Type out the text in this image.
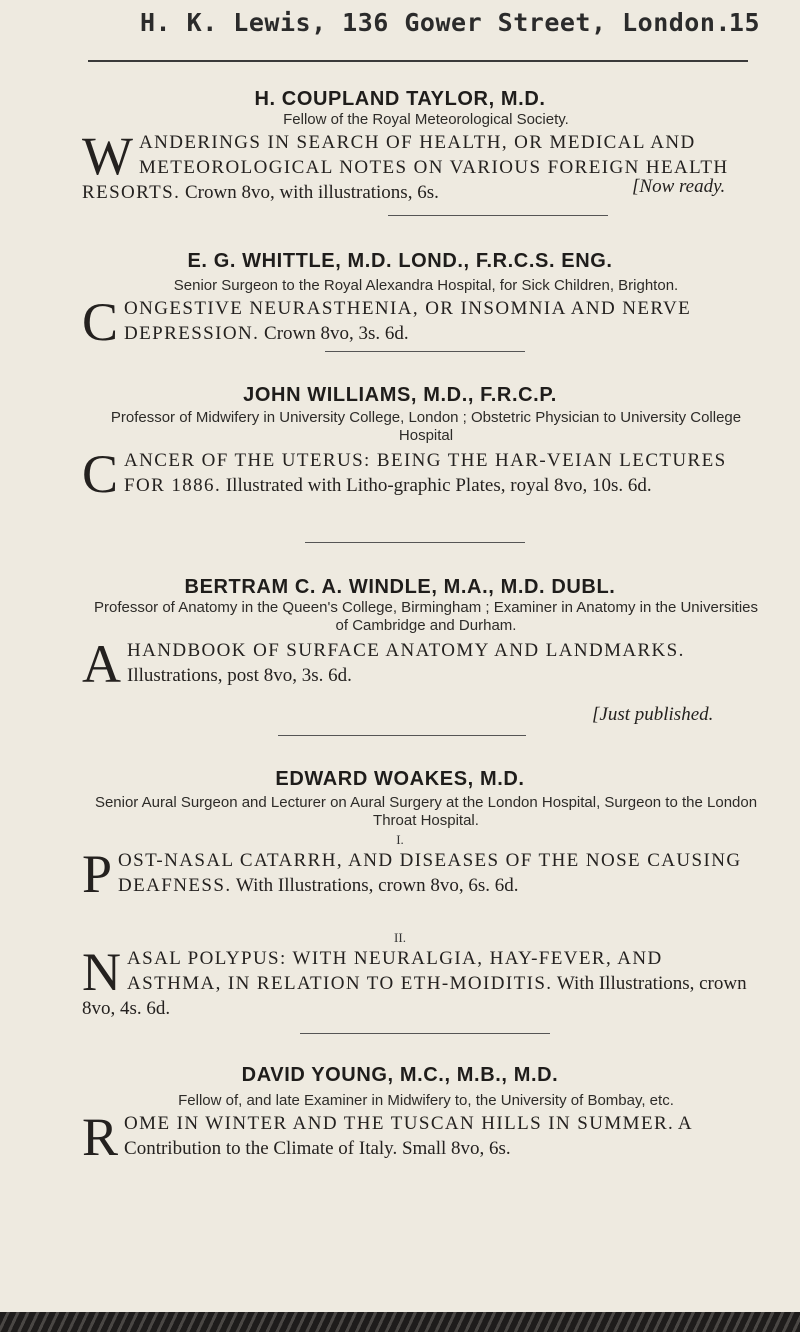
H. K. Lewis, 136 Gower Street, London.
15
H. COUPLAND TAYLOR, M.D.
Fellow of the Royal Meteorological Society.
WANDERINGS IN SEARCH OF HEALTH, OR MEDICAL AND METEOROLOGICAL NOTES ON VARIOUS FOREIGN HEALTH RESORTS. Crown 8vo, with illustrations, 6s.	[Now ready.
E. G. WHITTLE, M.D. LOND., F.R.C.S. ENG.
Senior Surgeon to the Royal Alexandra Hospital, for Sick Children, Brighton.
CONGESTIVE NEURASTHENIA, OR INSOMNIA AND NERVE DEPRESSION. Crown 8vo, 3s. 6d.
JOHN WILLIAMS, M.D., F.R.C.P.
Professor of Midwifery in University College, London ; Obstetric Physician to University College Hospital
CANCER OF THE UTERUS: BEING THE HAR-VEIAN LECTURES FOR 1886. Illustrated with Litho-graphic Plates, royal 8vo, 10s. 6d.
BERTRAM C. A. WINDLE, M.A., M.D. DUBL.
Professor of Anatomy in the Queen's College, Birmingham ; Examiner in Anatomy in the Universities of Cambridge and Durham.
AHANDBOOK OF SURFACE ANATOMY AND LANDMARKS. Illustrations, post 8vo, 3s. 6d.
[Just published.
EDWARD WOAKES, M.D.
Senior Aural Surgeon and Lecturer on Aural Surgery at the London Hospital, Surgeon to the London Throat Hospital.
I.
POST-NASAL CATARRH, AND DISEASES OF THE NOSE CAUSING DEAFNESS. With Illustrations, crown 8vo, 6s. 6d.
II.
NASAL POLYPUS: WITH NEURALGIA, HAY-FEVER, AND ASTHMA, IN RELATION TO ETH-MOIDITIS. With Illustrations, crown 8vo, 4s. 6d.
DAVID YOUNG, M.C., M.B., M.D.
Fellow of, and late Examiner in Midwifery to, the University of Bombay, etc.
ROME IN WINTER AND THE TUSCAN HILLS IN SUMMER. A Contribution to the Climate of Italy. Small 8vo, 6s.
